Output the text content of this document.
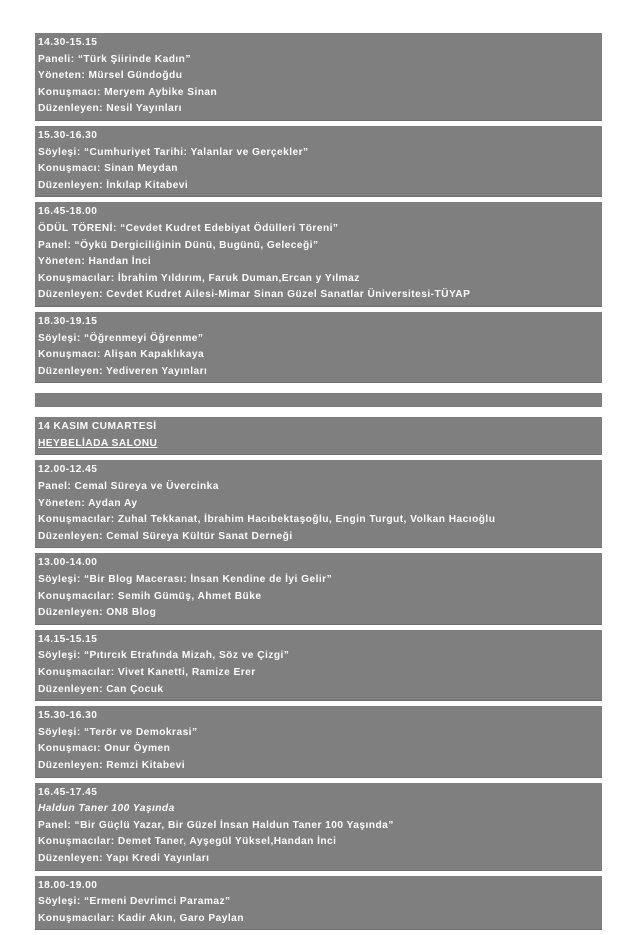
14.30-15.15
Paneli: “Türk Şiirinde Kadın”
Yöneten: Mürsel Gündoğdu
Konuşmacı: Meryem Aybike Sinan
Düzenleyen: Nesil Yayınları
15.30-16.30
Söyleşi: “Cumhuriyet Tarihi: Yalanlar ve Gerçekler”
Konuşmacı: Sinan Meydan
Düzenleyen: İnkılap Kitabevi
16.45-18.00
ÖDÜL TÖRENİ: “Cevdet Kudret Edebiyat Ödülleri Töreni”
Panel: “Öykü Dergiciliğinin Dünü, Bugünü, Geleceği”
Yöneten: Handan İnci
Konuşmacılar: İbrahim Yıldırım, Faruk Duman,Ercan y Yılmaz
Düzenleyen: Cevdet Kudret Ailesi-Mimar Sinan Güzel Sanatlar Üniversitesi-TÜYAP
18.30-19.15
Söyleşi: “Öğrenmeyi Öğrenme”
Konuşmacı: Alişan Kapaklıkaya
Düzenleyen: Yediveren Yayınları
14 KASIM CUMARTESİ
HEYBELİADA SALONU
12.00-12.45
Panel: Cemal Süreya ve Üvercinka
Yöneten: Aydan Ay
Konuşmacılar: Zuhal Tekkanat, İbrahim Hacıbektaşoğlu, Engin Turgut, Volkan Hacıoğlu
Düzenleyen: Cemal Süreya Kültür Sanat Derneği
13.00-14.00
Söyleşi: “Bir Blog Macerası: İnsan Kendine de İyi Gelir”
Konuşmacılar: Semih Gümüş, Ahmet Büke
Düzenleyen: ON8 Blog
14.15-15.15
Söyleşi: “Pıtırcık Etrafında Mizah, Söz ve Çizgi”
Konuşmacılar: Vivet Kanetti, Ramize Erer
Düzenleyen: Can Çocuk
15.30-16.30
Söyleşi: “Terör ve Demokrasi”
Konuşmacı: Onur Öymen
Düzenleyen: Remzi Kitabevi
16.45-17.45
Haldun Taner 100 Yaşında
Panel: “Bir Güçlü Yazar, Bir Güzel İnsan Haldun Taner 100 Yaşında”
Konuşmacılar: Demet Taner, Ayşegül Yüksel,Handan İnci
Düzenleyen: Yapı Kredi Yayınları
18.00-19.00
Söyleşi: “Ermeni Devrimci Paramaz”
Konuşmacılar: Kadir Akın, Garo Paylan
